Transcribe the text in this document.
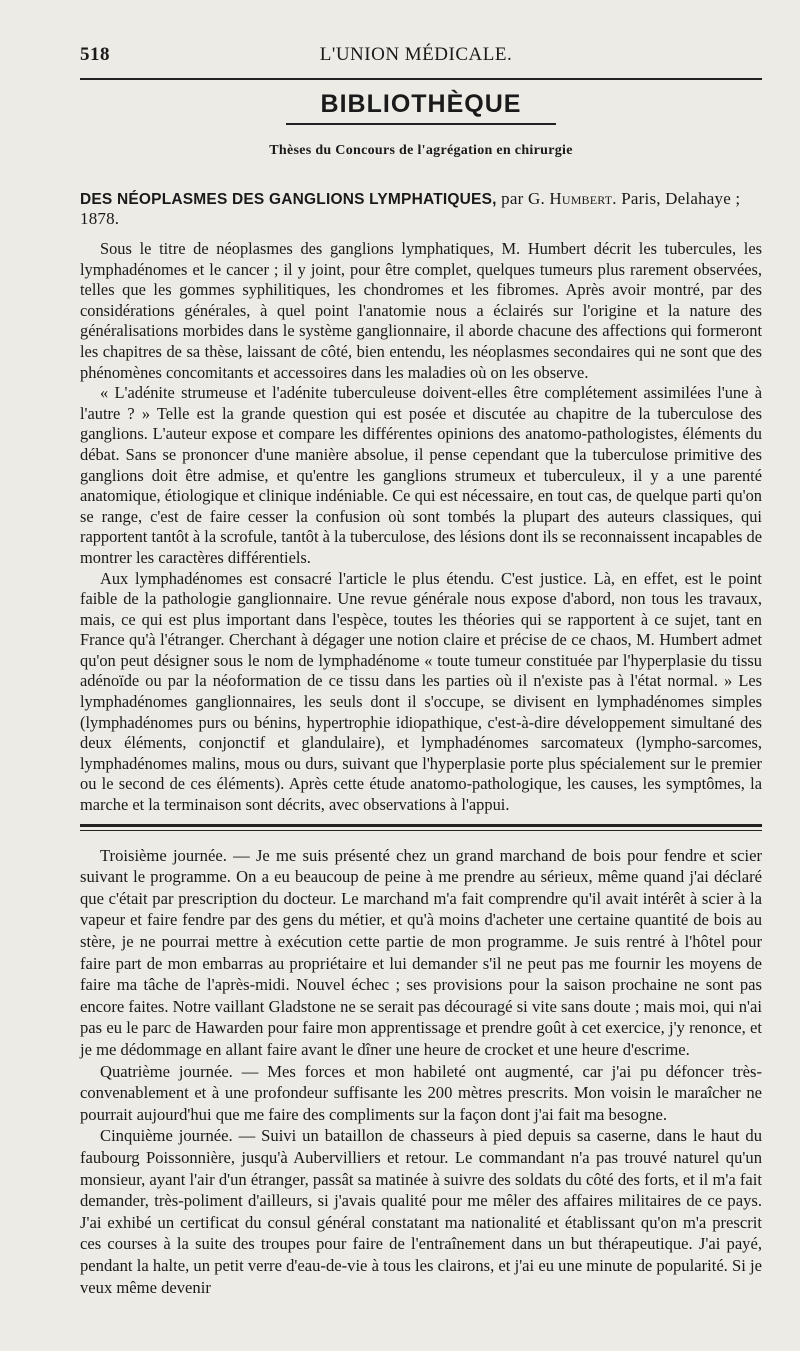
518	L'UNION MÉDICALE.
BIBLIOTHÈQUE
Thèses du Concours de l'agrégation en chirurgie
DES NÉOPLASMES DES GANGLIONS LYMPHATIQUES, par G. Humbert. Paris, Delahaye ; 1878.

Sous le titre de néoplasmes des ganglions lymphatiques, M. Humbert décrit les tubercules, les lymphadénomes et le cancer ; il y joint, pour être complet, quelques tumeurs plus rarement observées, telles que les gommes syphilitiques, les chondromes et les fibromes. Après avoir montré, par des considérations générales, à quel point l'anatomie nous a éclairés sur l'origine et la nature des généralisations morbides dans le système ganglionnaire, il aborde chacune des affections qui formeront les chapitres de sa thèse, laissant de côté, bien entendu, les néoplasmes secondaires qui ne sont que des phénomènes concomitants et accessoires dans les maladies où on les observe.

« L'adénite strumeuse et l'adénite tuberculeuse doivent-elles être complétement assimilées l'une à l'autre ? » Telle est la grande question qui est posée et discutée au chapitre de la tuberculose des ganglions. L'auteur expose et compare les différentes opinions des anatomo-pathologistes, éléments du débat. Sans se prononcer d'une manière absolue, il pense cependant que la tuberculose primitive des ganglions doit être admise, et qu'entre les ganglions strumeux et tuberculeux, il y a une parenté anatomique, étiologique et clinique indéniable. Ce qui est nécessaire, en tout cas, de quelque parti qu'on se range, c'est de faire cesser la confusion où sont tombés la plupart des auteurs classiques, qui rapportent tantôt à la scrofule, tantôt à la tuberculose, des lésions dont ils se reconnaissent incapables de montrer les caractères différentiels.

Aux lymphadénomes est consacré l'article le plus étendu. C'est justice. Là, en effet, est le point faible de la pathologie ganglionnaire. Une revue générale nous expose d'abord, non tous les travaux, mais, ce qui est plus important dans l'espèce, toutes les théories qui se rapportent à ce sujet, tant en France qu'à l'étranger. Cherchant à dégager une notion claire et précise de ce chaos, M. Humbert admet qu'on peut désigner sous le nom de lymphadénome « toute tumeur constituée par l'hyperplasie du tissu adénoïde ou par la néoformation de ce tissu dans les parties où il n'existe pas à l'état normal. » Les lymphadénomes ganglionnaires, les seuls dont il s'occupe, se divisent en lymphadénomes simples (lymphadénomes purs ou bénins, hypertrophie idiopathique, c'est-à-dire développement simultané des deux éléments, conjonctif et glandulaire), et lymphadénomes sarcomateux (lympho-sarcomes, lymphadénomes malins, mous ou durs, suivant que l'hyperplasie porte plus spécialement sur le premier ou le second de ces éléments). Après cette étude anatomo-pathologique, les causes, les symptômes, la marche et la terminaison sont décrits, avec observations à l'appui.

Troisième journée. — Je me suis présenté chez un grand marchand de bois pour fendre et scier suivant le programme. On a eu beaucoup de peine à me prendre au sérieux, même quand j'ai déclaré que c'était par prescription du docteur. Le marchand m'a fait comprendre qu'il avait intérêt à scier à la vapeur et faire fendre par des gens du métier, et qu'à moins d'acheter une certaine quantité de bois au stère, je ne pourrai mettre à exécution cette partie de mon programme. Je suis rentré à l'hôtel pour faire part de mon embarras au propriétaire et lui demander s'il ne peut pas me fournir les moyens de faire ma tâche de l'après-midi. Nouvel échec ; ses provisions pour la saison prochaine ne sont pas encore faites. Notre vaillant Gladstone ne se serait pas découragé si vite sans doute ; mais moi, qui n'ai pas eu le parc de Hawarden pour faire mon apprentissage et prendre goût à cet exercice, j'y renonce, et je me dédommage en allant faire avant le dîner une heure de crocket et une heure d'escrime.

Quatrième journée. — Mes forces et mon habileté ont augmenté, car j'ai pu défoncer très-convenablement et à une profondeur suffisante les 200 mètres prescrits. Mon voisin le maraîcher ne pourrait aujourd'hui que me faire des compliments sur la façon dont j'ai fait ma besogne.

Cinquième journée. — Suivi un bataillon de chasseurs à pied depuis sa caserne, dans le haut du faubourg Poissonnière, jusqu'à Aubervilliers et retour. Le commandant n'a pas trouvé naturel qu'un monsieur, ayant l'air d'un étranger, passât sa matinée à suivre des soldats du côté des forts, et il m'a fait demander, très-poliment d'ailleurs, si j'avais qualité pour me mêler des affaires militaires de ce pays. J'ai exhibé un certificat du consul général constatant ma nationalité et établissant qu'on m'a prescrit ces courses à la suite des troupes pour faire de l'entraînement dans un but thérapeutique. J'ai payé, pendant la halte, un petit verre d'eau-de-vie à tous les clairons, et j'ai eu une minute de popularité. Si je veux même devenir
